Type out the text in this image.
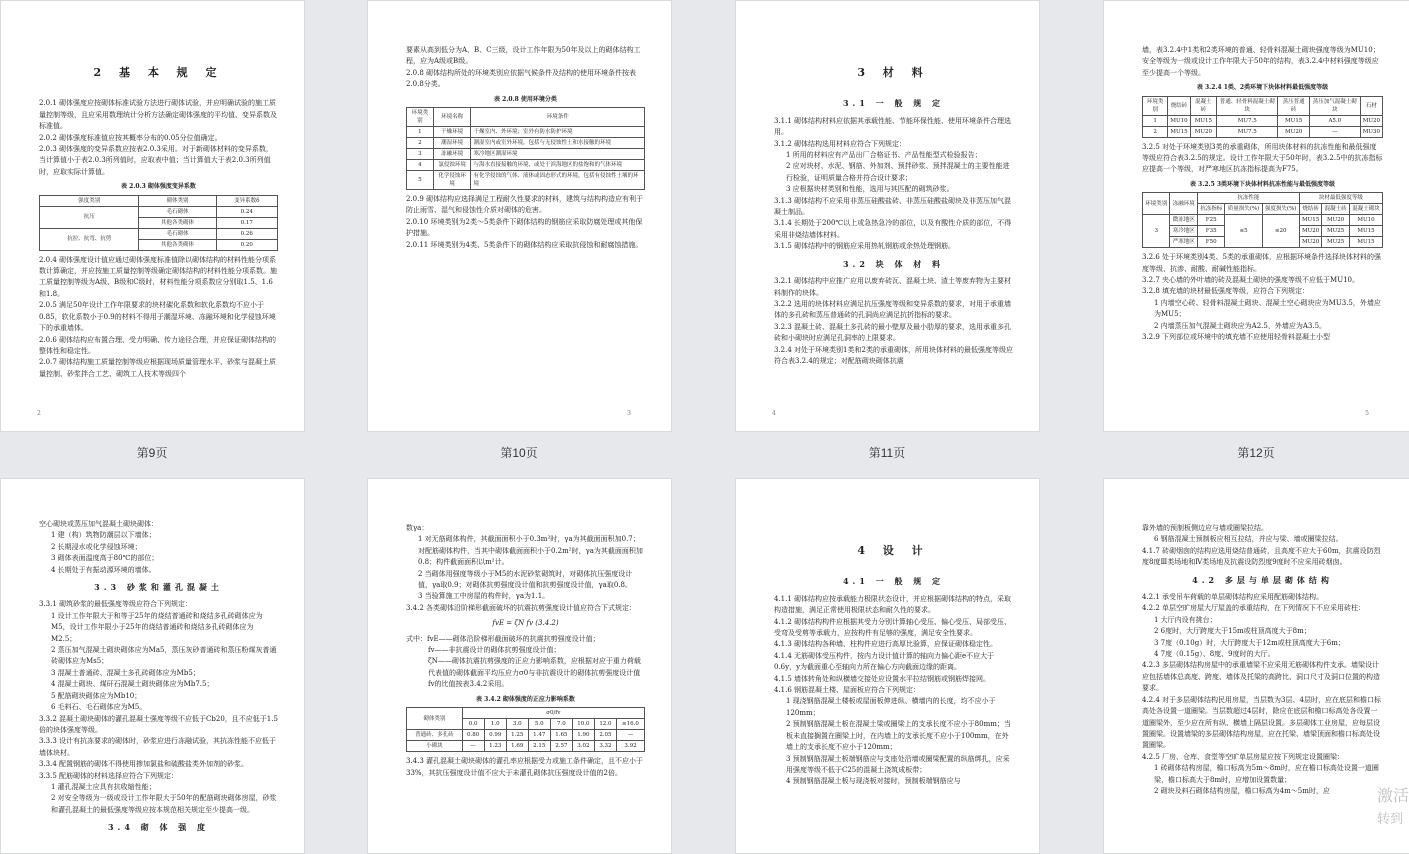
2 基 本 规 定

2.0.1 砌体强度应按砌体标准试验方法进行砌体试验，并应明确试验的施工质量控制等级，且应采用数理统计分析方法确定砌体强度的平均值、变异系数及标准值。

2.0.2 砌体强度标准值应按其概率分布的0.05分位值确定。

2.0.3 砌体强度的变异系数应按表2.0.3采用。对于新砌体材料的变异系数，当计算值小于表2.0.3所列值时，应取表中值；当计算值大于表2.0.3所列值时，应取实际计算值。

表 2.0.3 砌体强度变异系数
强度类别	砌体类别	变异系数δ
抗压	毛石砌体	0.24
	其他各类砌体	0.17
抗拉、抗弯、抗剪	毛石砌体	0.26
	其他各类砌体	0.20

2.0.4 砌体强度设计值应通过砌体强度标准值除以砌体结构的材料性能分项系数计算确定，并应按施工质量控制等级确定砌体结构的材料性能分项系数。施工质量控制等级为A级、B级和C级时，材料性能分项系数应分别取1.5、1.6和1.8。

2.0.5 满足50年设计工作年限要求的块材碳化系数和软化系数均不应小于0.85，软化系数小于0.9的材料不得用于潮湿环境、冻融环境和化学侵蚀环境下的承重墙体。

2.0.6 砌体结构应布置合理、受力明确、传力途径合理，并应保证砌体结构的整体性和稳定性。

2.0.7 砌体结构施工质量控制等级应根据现场质量管理水平、砂浆与混凝土质量控制、砂浆拌合工艺、砌筑工人技术等级四个

2

要素从高到低分为A、B、C三级，设计工作年限为50年及以上的砌体结构工程，应为A级或B级。

2.0.8 砌体结构所处的环境类别应依据气候条件及结构的使用环境条件按表2.0.8分类。

表 2.0.8 使用环境分类
环境类别	环境名称	环境条件
1	干燥环境	干燥室内、外环境；室外有防水防护环境
2	潮湿环境	潮湿室内或室外环境，包括与无侵蚀性土和水接触的环境
3	冻融环境	寒冷地区潮湿环境
4	氯侵蚀环境	与海水直接接触的环境，或处于滨海地区的盐饱和的气体环境
5	化学侵蚀环境	有化学侵蚀的气体、液体或固态形式的环境，包括有侵蚀性土壤的环境

2.0.9 砌体结构应选择满足工程耐久性要求的材料，建筑与结构构造应有利于防止雨雪、湿气和侵蚀性介质对砌体的危害。

2.0.10 环境类别为2类～5类条件下砌体结构的钢筋应采取防腐处理或其他保护措施。

2.0.11 环境类别为4类、5类条件下的砌体结构应采取抗侵蚀和耐腐蚀措施。

3
3 材 料
3.1 一 般 规 定

3.1.1 砌体结构材料应依据其承载性能、节能环保性能、使用环境条件合理选用。

3.1.2 砌体结构选用材料应符合下列规定：

1 所用的材料应有产品出厂合格证书、产品性能型式检验报告；

2 应对块材、水泥、钢筋、外加剂、预拌砂浆、预拌混凝土的主要性能进行检验，证明质量合格并符合设计要求；

3 应根据块材类别和性能，选用与其匹配的砌筑砂浆。

3.1.3 砌体结构不应采用非蒸压硅酸盐砖、非蒸压硅酸盐砌块及非蒸压加气混凝土制品。

3.1.4 长期处于200℃以上或急热急冷的部位，以及有酸性介质的部位，不得采用非烧结墙体材料。

3.1.5 砌体结构中的钢筋应采用热轧钢筋或余热处理钢筋。

3.2 块 体 材 料

3.2.1 砌体结构中应推广应用以废弃砖瓦、混凝土块、渣土等废弃物为主要材料制作的块体。

3.2.2 选用的块体材料应满足抗压强度等级和变异系数的要求，对用于承重墙体的多孔砖和蒸压普通砖的孔洞尚应满足抗折指标的要求。

3.2.3 混凝土砖、混凝土多孔砖的最小壁厚及最小肋厚的要求，选用承重多孔砖和小砌块时应满足孔洞率的上限要求。

3.2.4 对处于环境类别1类和2类的承重砌体，所用块体材料的最低强度等级应符合表3.2.4的规定；对配筋砌块砌体抗震

4

墙，表3.2.4中1类和2类环境的普通、轻骨料混凝土砌块强度等级为MU10；安全等级为一级或设计工作年限大于50年的结构，表3.2.4中材料强度等级应至少提高一个等级。

表 3.2.4 1类、2类环境下块体材料最低强度等级
环境类别	烧结砖	混凝土砖	普通、轻骨料混凝土砌块	蒸压普通砖	蒸压加气混凝土砌块	石材
1	MU10	MU15	MU7.5	MU15	A5.0	MU20
2	MU15	MU20	MU7.5	MU20	—	MU30

3.2.5 对处于环境类别3类的承重砌体，所用块体材料的抗冻性能和最低强度等级应符合表3.2.5的规定。设计工作年限大于50年时，表3.2.5中的抗冻指标应提高一个等级，对严寒地区抗冻指标提高为F75。

表 3.2.5 3类环境下块体材料抗冻性能与最低强度等级
环境类别	冻融环境	抗冻性能			块材最低强度等级		
		抗冻指标	质量损失(%)	强度损失(%)	烧结砖	混凝土砖	混凝土砌块
3	微冻地区	F25	≤5	≤20	MU15	MU20	MU10
	寒冷地区	F35			MU20	MU25	MU15
	严寒地区	F50			MU20	MU25	MU15

3.2.6 处于环境类别4类、5类的承重砌体，应根据环境条件选择块体材料的强度等级、抗渗、耐酸、耐碱性能指标。

3.2.7 夹心墙的外叶墙的砖及混凝土砌块的强度等级不应低于MU10。

3.2.8 填充墙的块材最低强度等级，应符合下列规定：

1 内墙空心砖、轻骨料混凝土砌块、混凝土空心砌块应为MU3.5，外墙应为MU5；

2 内墙蒸压加气混凝土砌块应为A2.5，外墙应为A3.5。

3.2.9 下列部位或环境中的填充墙不应使用轻骨料混凝土小型

5
第9页	第10页	第11页	第12页

空心砌块或蒸压加气混凝土砌块砌体：

1 建（构）筑物防潮层以下墙体；

2 长期浸水或化学侵蚀环境；

3 砌体表面温度高于80℃的部位；

4 长期处于有振动源环境的墙体。

3.3 砂浆和灌孔混凝土

3.3.1 砌筑砂浆的最低强度等级应符合下列规定：

1 设计工作年限大于和等于25年的烧结普通砖和烧结多孔砖砌体应为M5，设计工作年限小于25年的烧结普通砖和烧结多孔砖砌体应为M2.5；

2 蒸压加气混凝土砌块砌体应为Ma5，蒸压灰砂普通砖和蒸压粉煤灰普通砖砌体应为Ms5；

3 混凝土普通砖、混凝土多孔砖砌体应为Mb5；

4 混凝土砌块、煤矸石混凝土砌块砌体应为Mb7.5；

5 配筋砌块砌体应为Mb10；

6 毛料石、毛石砌体应为M5。

3.3.2 混凝土砌块砌体的灌孔混凝土强度等级不应低于Cb20，且不应低于1.5倍的块体强度等级。

3.3.3 设计有抗冻要求的砌体时，砂浆应进行冻融试验，其抗冻性能不应低于墙体块材。

3.3.4 配置钢筋的砌体不得使用掺加氯盐和硫酸盐类外加剂的砂浆。

3.3.5 配筋砌体的材料选择应符合下列规定：

1 灌孔混凝土应具有抗收缩性能；

2 对安全等级为一级或设计工作年限大于50年的配筋砌块砌体房屋，砂浆和灌孔混凝土的最低强度等级应按本规范相关规定至少提高一级。

3.4 砌 体 强 度

数γa：

1 对无筋砌体构件，其截面面积小于0.3m²时，γa为其截面面积加0.7；对配筋砌体构件，当其中砌体截面面积小于0.2m²时，γa为其截面面积加0.8；构件截面面积以m²计。

2 当砌体用强度等级小于M5的水泥砂浆砌筑时，对砌体抗压强度设计值，γa取0.9；对砌体抗剪强度设计值和抗剪强度设计值，γa取0.8。

3 当验算施工中房屋的构件时，γa为1.1。

3.4.2 各类砌体沿阶梯形截面破坏的抗震抗剪强度设计值应符合下式规定：

fvE = ζN fv (3.4.2)

式中：fvE——砌体沿阶梯形截面破坏的抗震抗剪强度设计值；

fv——非抗震设计的砌体抗剪强度设计值；

ζN——砌体抗震抗剪强度的正应力影响系数，应根据对应于重力荷载代表值的砌体截面平均压应力σ0与非抗震设计的砌体抗剪强度设计值fv的比值按表3.4.2采用。

表 3.4.2 砌体强度的正应力影响系数
砌体类别	σ0/fv							
	0.0	1.0	3.0	5.0	7.0	10.0	12.0	≥16.0
普通砖、多孔砖	0.80	0.99	1.25	1.47	1.65	1.90	2.05	—
小砌块	—	1.23	1.69	2.15	2.57	3.02	3.32	3.92

3.4.3 灌孔混凝土砌块砌体的灌孔率应根据受力或施工条件确定，且不应小于33%，其抗压强度设计值不应大于未灌孔砌体抗压强度设计值的2倍。

4 设 计
4.1 一 般 规 定

4.1.1 砌体结构应按承载能力极限状态设计，并应根据砌体结构的特点，采取构造措施，满足正常使用极限状态和耐久性的要求。

4.1.2 砌体结构构件应根据其受力分别计算轴心受压、偏心受压、局部受压、受弯及受剪等承载力，应按构件有足够的强度，满足安全性要求。

4.1.3 砌体结构各种墙、柱构件应进行高厚比验算，应保证砌体稳定性。

4.1.4 无筋砌体受压构件，按内力设计值计算的轴向力偏心距e不应大于0.6y，y为截面重心至轴向力所在偏心方向截面边缘的距离。

4.1.5 墙体转角处和纵横墙交接处应设置水平拉结钢筋或钢筋焊接网。

4.1.6 钢筋混凝土楼、屋面板应符合下列规定：

1 现浇钢筋混凝土楼板或屋面板伸进纵、横墙内的长度，均不应小于120mm；

2 预制钢筋混凝土板在混凝土梁或圈梁上的支承长度不应小于80mm；当板未直接搁置在圈梁上时，在内墙上的支承长度不应小于100mm，在外墙上的支承长度不应小于120mm；

3 预制钢筋混凝土板端钢筋应与支座处沿墙或圈梁配置的纵筋绑扎，应采用强度等级不低于C25的混凝土浇筑成板带；

4 预制钢筋混凝土板与现浇板对接时，预制板端钢筋应与

靠外墙的预制板侧边应与墙或圈梁拉结。

6 钢筋混凝土预制板应相互拉结，并应与梁、墙或圈梁拉结。

4.1.7 砖砌烟囱的结构应选用烧结普通砖，且高度不应大于60m，抗震设防烈度8度Ⅲ类场地和Ⅳ类场地及抗震设防烈度9度时不应采用砖烟囱。

4.2 多层与单层砌体结构

4.2.1 承受吊车荷载的单层砌体结构应采用配筋砌体结构。

4.2.2 单层空旷房屋大厅屋盖的承重结构，在下列情况下不应采用砖柱：

1 大厅内设有挑台；

2 6度时，大厅跨度大于15m或柱顶高度大于8m；

3 7度（0.10g）时，大厅跨度大于12m或柱顶高度大于6m；

4 7度（0.15g）、8度、9度时的大厅。

4.2.3 多层砌体结构房屋中的承重墙梁不应采用无筋砌体构件支承。墙梁设计应包括墙体总高度、跨度、墙体及托梁的高跨比、洞口尺寸及洞口位置的构造要求。

4.2.4 对于多层砌体结构民用房屋，当层数为3层、4层时，应在底层和檐口标高处各设置一道圈梁。当层数超过4层时，除应在底层和檐口标高处各设置一道圈梁外，至少应在所有纵、横墙上隔层设置。多层砌体工业房屋，应每层设置圈梁。设置墙梁的多层砌体结构房屋，应在托梁、墙梁顶面和檐口标高处设置圈梁。

4.2.5 厂房、仓库、食堂等空旷单层房屋应按下列规定设置圈梁：

1 砖砌体结构房屋，檐口标高为5m～8m时，应在檐口标高处设置一道圈梁，檐口标高大于8m时，应增加设置数量；

2 砌块及料石砌体结构房屋，檐口标高为4m～5m时，应	激活
转到
